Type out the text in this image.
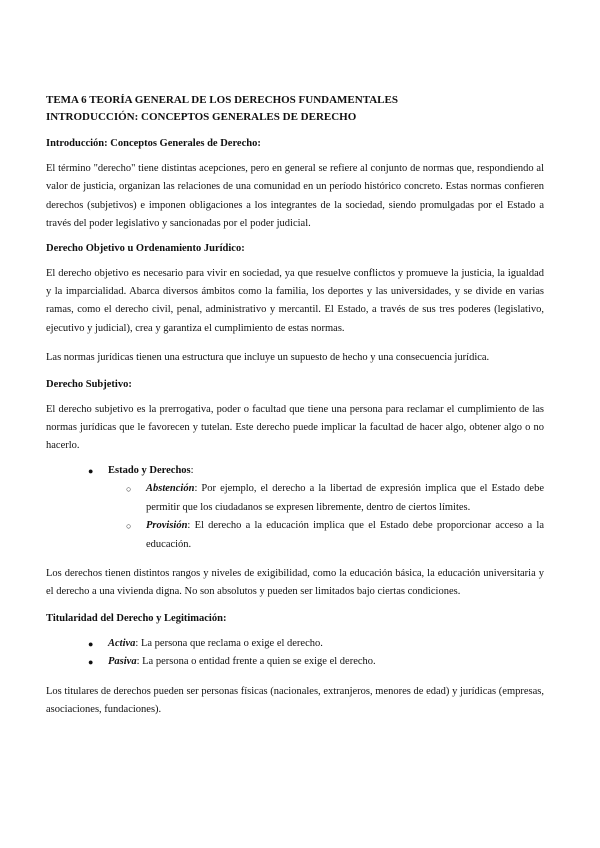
TEMA 6 TEORÍA GENERAL DE LOS DERECHOS FUNDAMENTALES
INTRODUCCIÓN: CONCEPTOS GENERALES DE DERECHO
Introducción: Conceptos Generales de Derecho:

El término "derecho" tiene distintas acepciones, pero en general se refiere al conjunto de normas que, respondiendo al valor de justicia, organizan las relaciones de una comunidad en un período histórico concreto. Estas normas confieren derechos (subjetivos) e imponen obligaciones a los integrantes de la sociedad, siendo promulgadas por el Estado a través del poder legislativo y sancionadas por el poder judicial.

Derecho Objetivo u Ordenamiento Jurídico:

El derecho objetivo es necesario para vivir en sociedad, ya que resuelve conflictos y promueve la justicia, la igualdad y la imparcialidad. Abarca diversos ámbitos como la familia, los deportes y las universidades, y se divide en varias ramas, como el derecho civil, penal, administrativo y mercantil. El Estado, a través de sus tres poderes (legislativo, ejecutivo y judicial), crea y garantiza el cumplimiento de estas normas.

Las normas jurídicas tienen una estructura que incluye un supuesto de hecho y una consecuencia jurídica.

Derecho Subjetivo:

El derecho subjetivo es la prerrogativa, poder o facultad que tiene una persona para reclamar el cumplimiento de las normas jurídicas que le favorecen y tutelan. Este derecho puede implicar la facultad de hacer algo, obtener algo o no hacerlo.

● Estado y Derechos:
○ Abstención: Por ejemplo, el derecho a la libertad de expresión implica que el Estado debe permitir que los ciudadanos se expresen libremente, dentro de ciertos límites.
○ Provisión: El derecho a la educación implica que el Estado debe proporcionar acceso a la educación.

Los derechos tienen distintos rangos y niveles de exigibilidad, como la educación básica, la educación universitaria y el derecho a una vivienda digna. No son absolutos y pueden ser limitados bajo ciertas condiciones.

Titularidad del Derecho y Legitimación:
● Activa: La persona que reclama o exige el derecho.
● Pasiva: La persona o entidad frente a quien se exige el derecho.

Los titulares de derechos pueden ser personas físicas (nacionales, extranjeros, menores de edad) y jurídicas (empresas, asociaciones, fundaciones).
